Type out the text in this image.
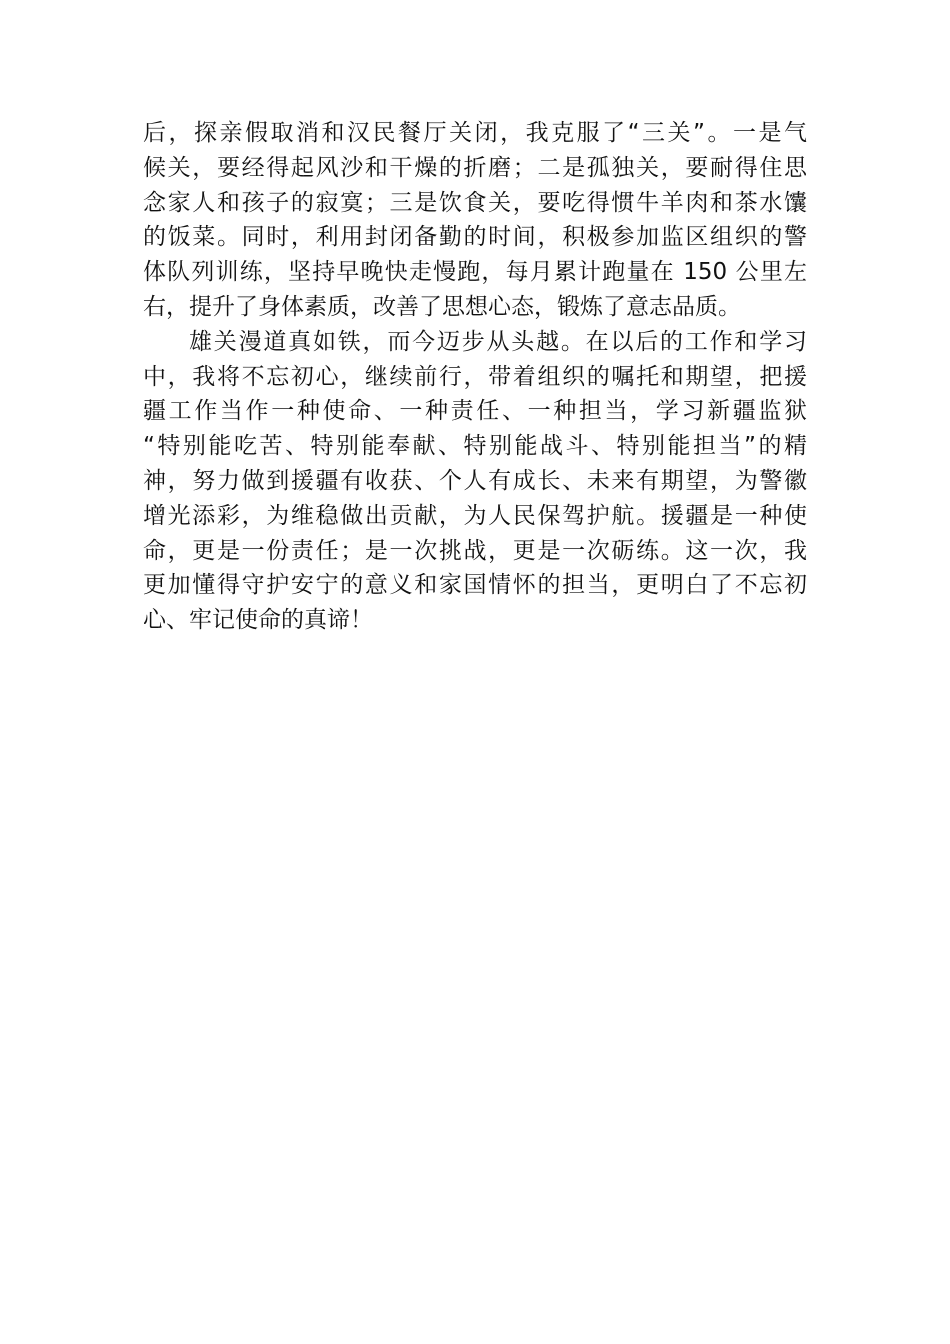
后，探亲假取消和汉民餐厅关闭，我克服了“三关”。一是气
候关，要经得起风沙和干燥的折磨；二是孤独关，要耐得住思
念家人和孩子的寂寞；三是饮食关，要吃得惯牛羊肉和茶水馕
的饭菜。同时，利用封闭备勤的时间，积极参加监区组织的警
体队列训练，坚持早晚快走慢跑，每月累计跑量在 150 公里左
右，提升了身体素质，改善了思想心态，锻炼了意志品质。
雄关漫道真如铁，而今迈步从头越。在以后的工作和学习
中，我将不忘初心，继续前行，带着组织的嘱托和期望，把援
疆工作当作一种使命、一种责任、一种担当，学习新疆监狱
“特别能吃苦、特别能奉献、特别能战斗、特别能担当”的精
神，努力做到援疆有收获、个人有成长、未来有期望，为警徽
增光添彩，为维稳做出贡献，为人民保驾护航。援疆是一种使
命，更是一份责任；是一次挑战，更是一次砺练。这一次，我
更加懂得守护安宁的意义和家国情怀的担当，更明白了不忘初
心、牢记使命的真谛！
